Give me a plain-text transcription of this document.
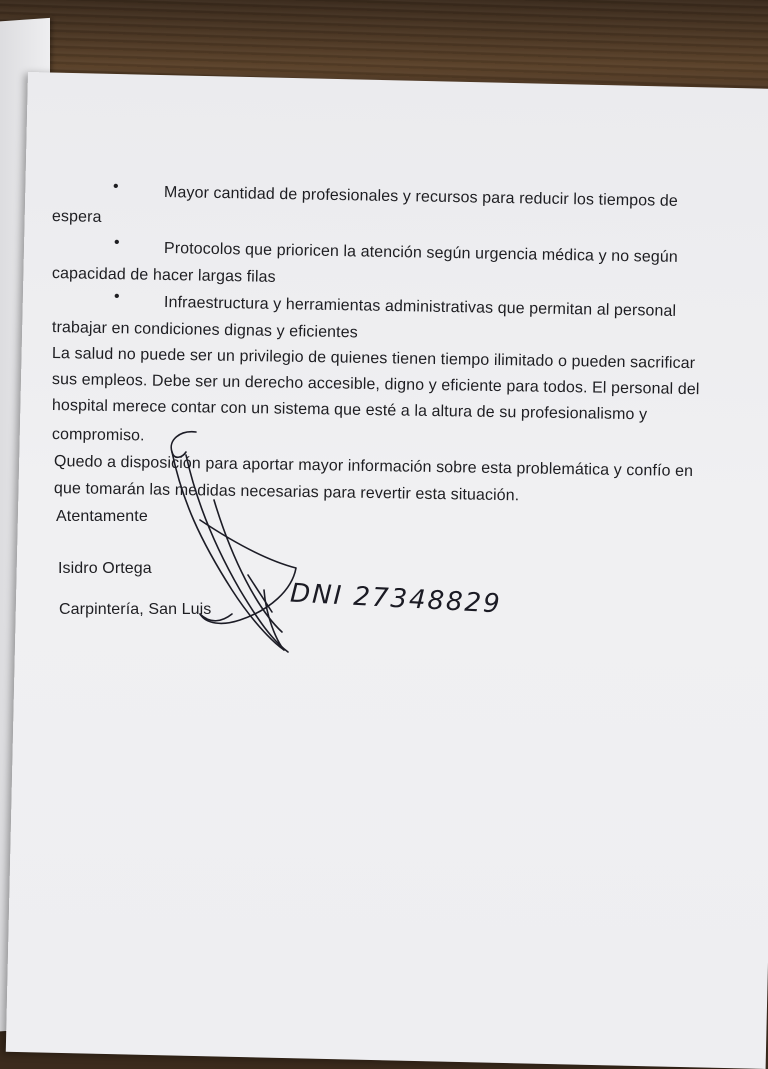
•	Mayor cantidad de profesionales y recursos para reducir los tiempos de
espera
•	Protocolos que prioricen la atención según urgencia médica y no según
capacidad de hacer largas filas
•	Infraestructura y herramientas administrativas que permitan al personal
trabajar en condiciones dignas y eficientes
La salud no puede ser un privilegio de quienes tienen tiempo ilimitado o pueden sacrificar
sus empleos. Debe ser un derecho accesible, digno y eficiente para todos. El personal del
hospital merece contar con un sistema que esté a la altura de su profesionalismo y
compromiso.
Quedo a disposición para aportar mayor información sobre esta problemática y confío en
que tomarán las medidas necesarias para revertir esta situación.
Atentamente
Isidro Ortega
Carpintería, San Luis	DNI 27348829
